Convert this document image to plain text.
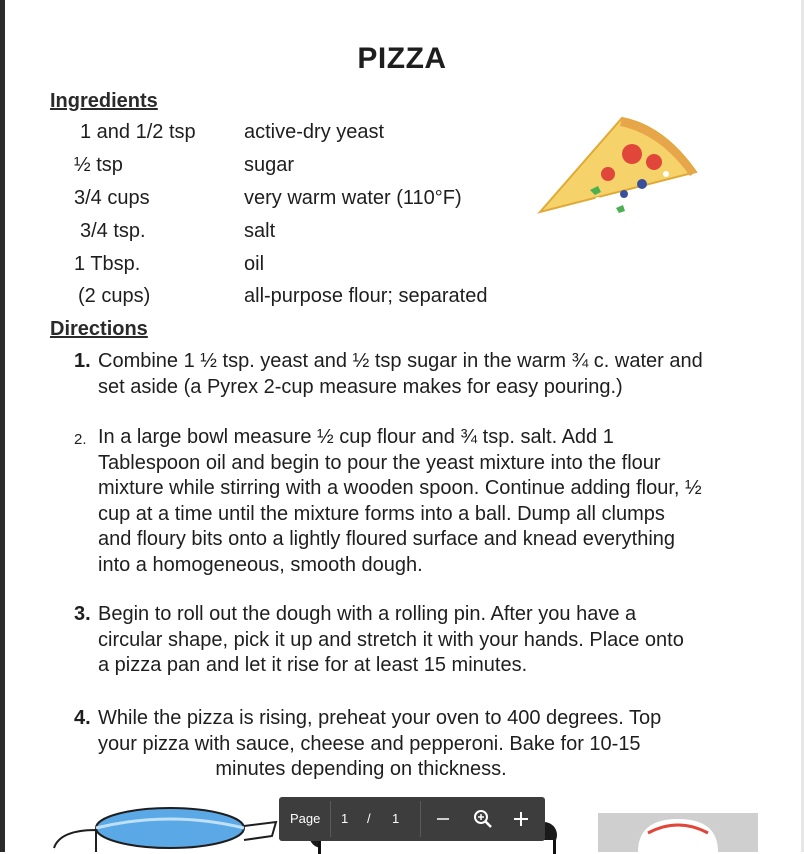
PIZZA
Ingredients
1 and 1/2 tsp active-dry yeast
½ tsp	sugar
3/4 cups	very warm water (110°F)
3/4 tsp.	salt
1 Tbsp.	oil
(2 cups)	all-purpose flour; separated
Directions
1. Combine 1 ½ tsp. yeast and ½ tsp sugar in the warm ¾ c. water and
set aside (a Pyrex 2-cup measure makes for easy pouring.)
2. In a large bowl measure ½ cup flour and ¾ tsp. salt. Add 1
Tablespoon oil and begin to pour the yeast mixture into the flour
mixture while stirring with a wooden spoon. Continue adding flour, ½
cup at a time until the mixture forms into a ball. Dump all clumps
and floury bits onto a lightly floured surface and knead everything
into a homogeneous, smooth dough.
3. Begin to roll out the dough with a rolling pin. After you have a
circular shape, pick it up and stretch it with your hands. Place onto
a pizza pan and let it rise for at least 15 minutes.
4. While the pizza is rising, preheat your oven to 400 degrees. Top
your pizza with sauce, cheese and pepperoni. Bake for 10-15
minutes depending on thickness.
Page 1 / 1
